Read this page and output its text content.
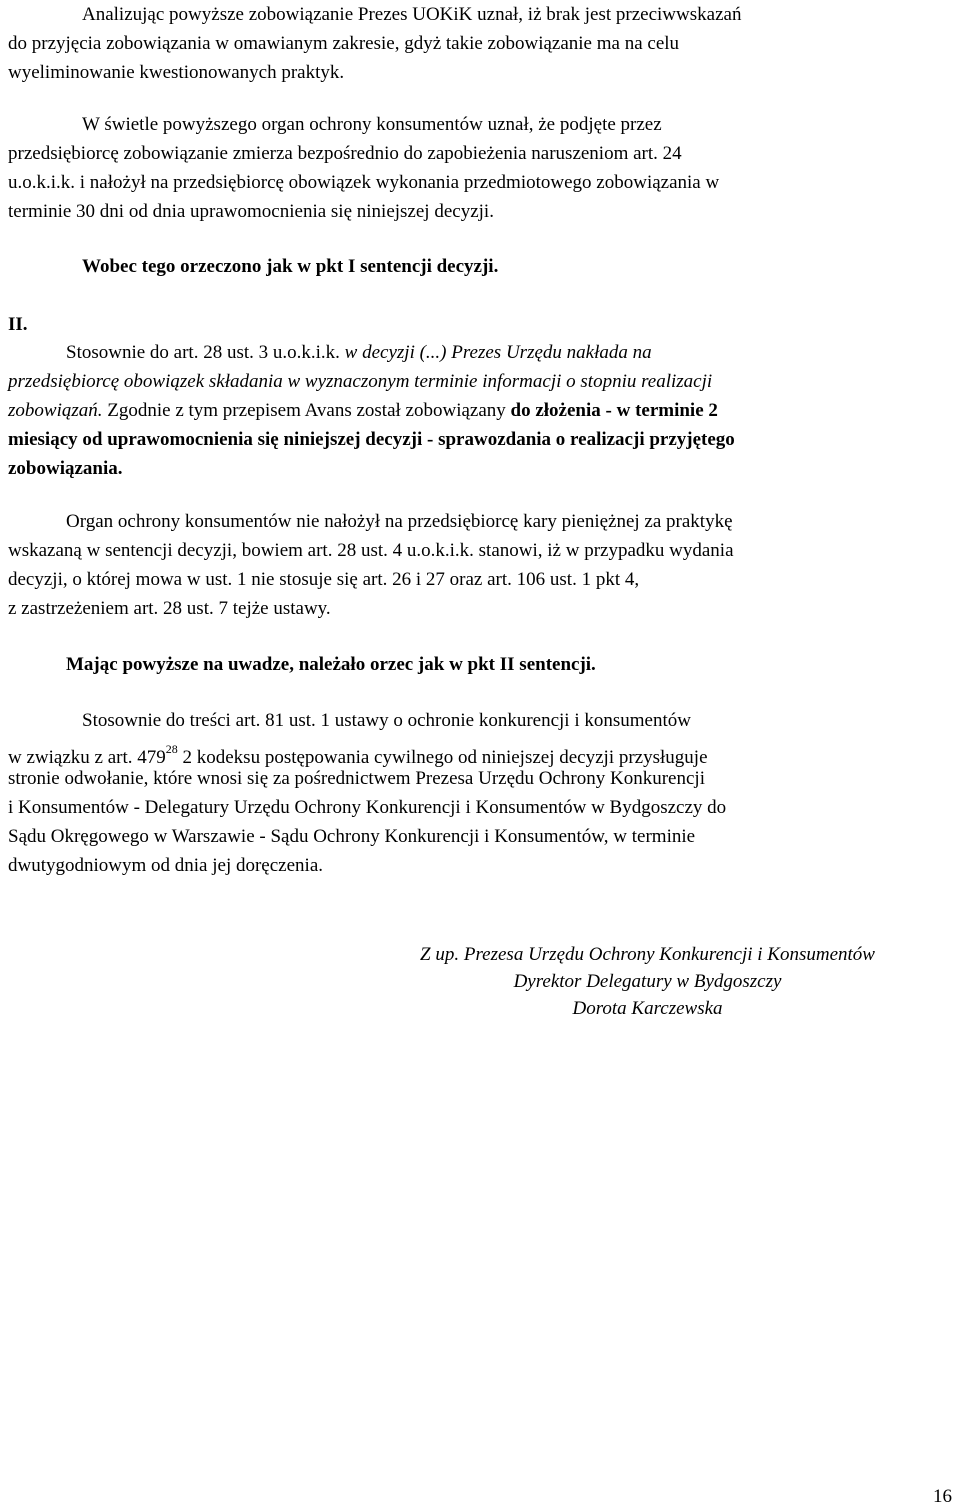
Analizując powyższe zobowiązanie Prezes UOKiK uznał, iż brak jest przeciwwskazań
do przyjęcia zobowiązania w omawianym zakresie, gdyż takie zobowiązanie ma na celu
wyeliminowanie kwestionowanych praktyk.
W świetle powyższego organ ochrony konsumentów uznał, że podjęte przez
przedsiębiorcę zobowiązanie zmierza bezpośrednio do zapobieżenia naruszeniom art. 24
u.o.k.i.k. i nałożył na przedsiębiorcę obowiązek wykonania przedmiotowego zobowiązania w
terminie 30 dni od dnia uprawomocnienia się niniejszej decyzji.
Wobec tego orzeczono jak w pkt I sentencji decyzji.
II.
Stosownie do art. 28 ust. 3 u.o.k.i.k. w decyzji (...) Prezes Urzędu nakłada na
przedsiębiorcę obowiązek składania w wyznaczonym terminie informacji o stopniu realizacji
zobowiązań. Zgodnie z tym przepisem Avans został zobowiązany do złożenia - w terminie 2
miesiący od uprawomocnienia się niniejszej decyzji - sprawozdania o realizacji przyjętego
zobowiązania.
Organ ochrony konsumentów nie nałożył na przedsiębiorcę kary pieniężnej za praktykę
wskazaną w sentencji decyzji, bowiem art. 28 ust. 4 u.o.k.i.k. stanowi, iż w przypadku wydania
decyzji, o której mowa w ust. 1 nie stosuje się art. 26 i 27 oraz art. 106 ust. 1 pkt 4,
z zastrzeżeniem art. 28 ust. 7 tejże ustawy.
Mając powyższe na uwadze, należało orzec jak w pkt II sentencji.
Stosownie do treści art. 81 ust. 1 ustawy o ochronie konkurencji i konsumentów
w związku z art. $479^{28}$ 2 kodeksu postępowania cywilnego od niniejszej decyzji przysługuje
stronie odwołanie, które wnosi się za pośrednictwem Prezesa Urzędu Ochrony Konkurencji
i Konsumentów - Delegatury Urzędu Ochrony Konkurencji i Konsumentów w Bydgoszczy do
Sądu Okręgowego w Warszawie - Sądu Ochrony Konkurencji i Konsumentów, w terminie
dwutygodniowym od dnia jej doręczenia.
Z up. Prezesa Urzędu Ochrony Konkurencji i Konsumentów
Dyrektor Delegatury w Bydgoszczy
Dorota Karczewska
16
